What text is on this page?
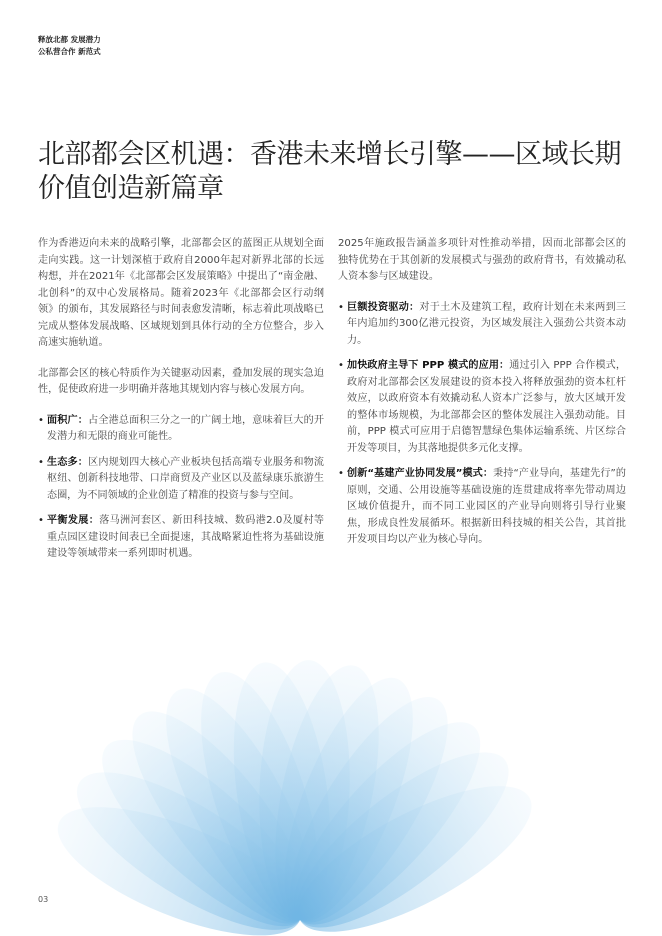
释放北都 发展潜力
公私营合作 新范式
北部都会区机遇：香港未来增长引擎——区域长期价值创造新篇章

作为香港迈向未来的战略引擎，北部都会区的蓝图正从规划全面走向实践。这一计划深植于政府自2000年起对新界北部的长远构想，并在2021年《北部都会区发展策略》中提出了“南金融、北创科”的双中心发展格局。随着2023年《北部都会区行动纲领》的颁布，其发展路径与时间表愈发清晰，标志着此项战略已完成从整体发展战略、区域规划到具体行动的全方位整合，步入高速实施轨道。

北部都会区的核心特质作为关键驱动因素，叠加发展的现实急迫性，促使政府进一步明确并落地其规划内容与核心发展方向。

• 面积广：占全港总面积三分之一的广阔土地，意味着巨大的开发潜力和无限的商业可能性。
• 生态多：区内规划四大核心产业板块包括高端专业服务和物流枢纽、创新科技地带、口岸商贸及产业区以及蓝绿康乐旅游生态圈，为不同领域的企业创造了精准的投资与参与空间。
• 平衡发展：落马洲河套区、新田科技城、数码港2.0及厦村等重点园区建设时间表已全面提速，其战略紧迫性将为基础设施建设等领域带来一系列即时机遇。

2025年施政报告涵盖多项针对性推动举措，因而北部都会区的独特优势在于其创新的发展模式与强劲的政府背书，有效撬动私人资本参与区域建设。

• 巨额投资驱动：对于土木及建筑工程，政府计划在未来两到三年内追加约300亿港元投资，为区域发展注入强劲公共资本动力。
• 加快政府主导下 PPP 模式的应用：通过引入 PPP 合作模式，政府对北部都会区发展建设的资本投入将释放强劲的资本杠杆效应，以政府资本有效撬动私人资本广泛参与，放大区域开发的整体市场规模，为北部都会区的整体发展注入强劲动能。目前，PPP 模式可应用于启德智慧绿色集体运输系统、片区综合开发等项目，为其落地提供多元化支撑。
• 创新“基建产业协同发展”模式：秉持“产业导向，基建先行”的原则，交通、公用设施等基础设施的连贯建成将率先带动周边区域价值提升，而不同工业园区的产业导向则将引导行业聚焦，形成良性发展循环。根据新田科技城的相关公告，其首批开发项目均以产业为核心导向。
03
